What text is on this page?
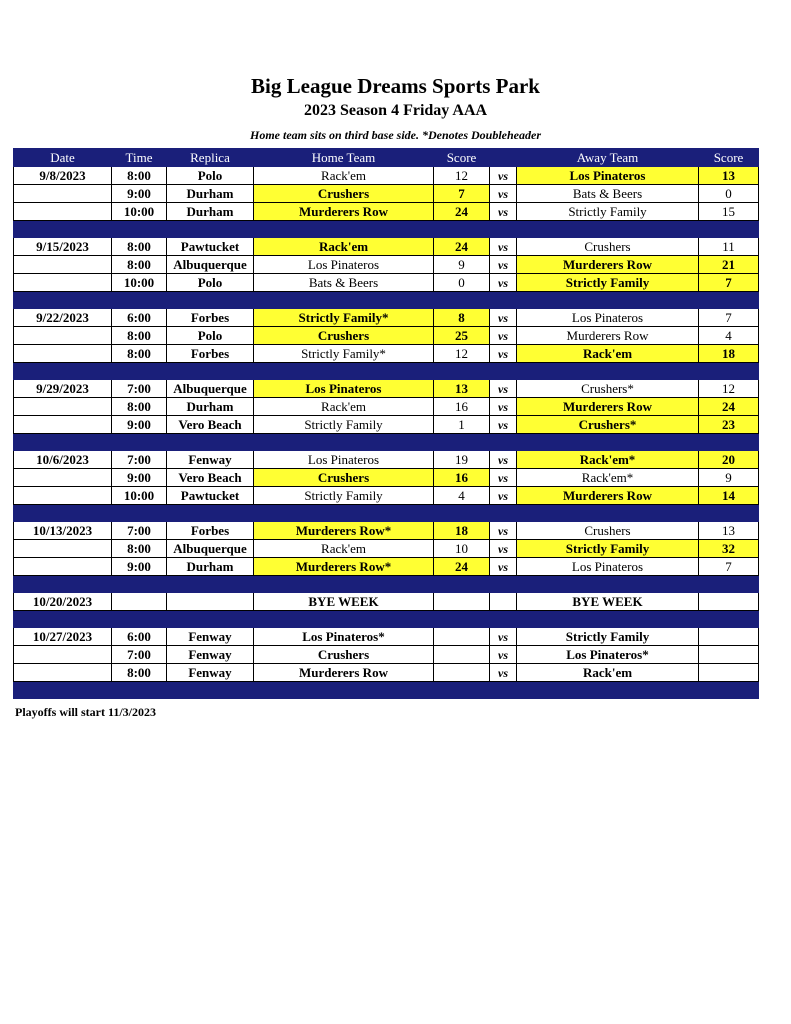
Big League Dreams Sports Park
2023 Season 4 Friday AAA
Home team sits on third base side. *Denotes Doubleheader
Date	Time	Replica	Home Team	Score		Away Team	Score
9/8/2023	8:00	Polo	Rack'em	12	vs	Los Pinateros	13
	9:00	Durham	Crushers	7	vs	Bats & Beers	0
	10:00	Durham	Murderers Row	24	vs	Strictly Family	15

9/15/2023	8:00	Pawtucket	Rack'em	24	vs	Crushers	11
	8:00	Albuquerque	Los Pinateros	9	vs	Murderers Row	21
	10:00	Polo	Bats & Beers	0	vs	Strictly Family	7

9/22/2023	6:00	Forbes	Strictly Family*	8	vs	Los Pinateros	7
	8:00	Polo	Crushers	25	vs	Murderers Row	4
	8:00	Forbes	Strictly Family*	12	vs	Rack'em	18

9/29/2023	7:00	Albuquerque	Los Pinateros	13	vs	Crushers*	12
	8:00	Durham	Rack'em	16	vs	Murderers Row	24
	9:00	Vero Beach	Strictly Family	1	vs	Crushers*	23

10/6/2023	7:00	Fenway	Los Pinateros	19	vs	Rack'em*	20
	9:00	Vero Beach	Crushers	16	vs	Rack'em*	9
	10:00	Pawtucket	Strictly Family	4	vs	Murderers Row	14

10/13/2023	7:00	Forbes	Murderers Row*	18	vs	Crushers	13
	8:00	Albuquerque	Rack'em	10	vs	Strictly Family	32
	9:00	Durham	Murderers Row*	24	vs	Los Pinateros	7

10/20/2023			BYE WEEK			BYE WEEK	

10/27/2023	6:00	Fenway	Los Pinateros*		vs	Strictly Family	
	7:00	Fenway	Crushers		vs	Los Pinateros*	
	8:00	Fenway	Murderers Row		vs	Rack'em	

Playoffs will start 11/3/2023
